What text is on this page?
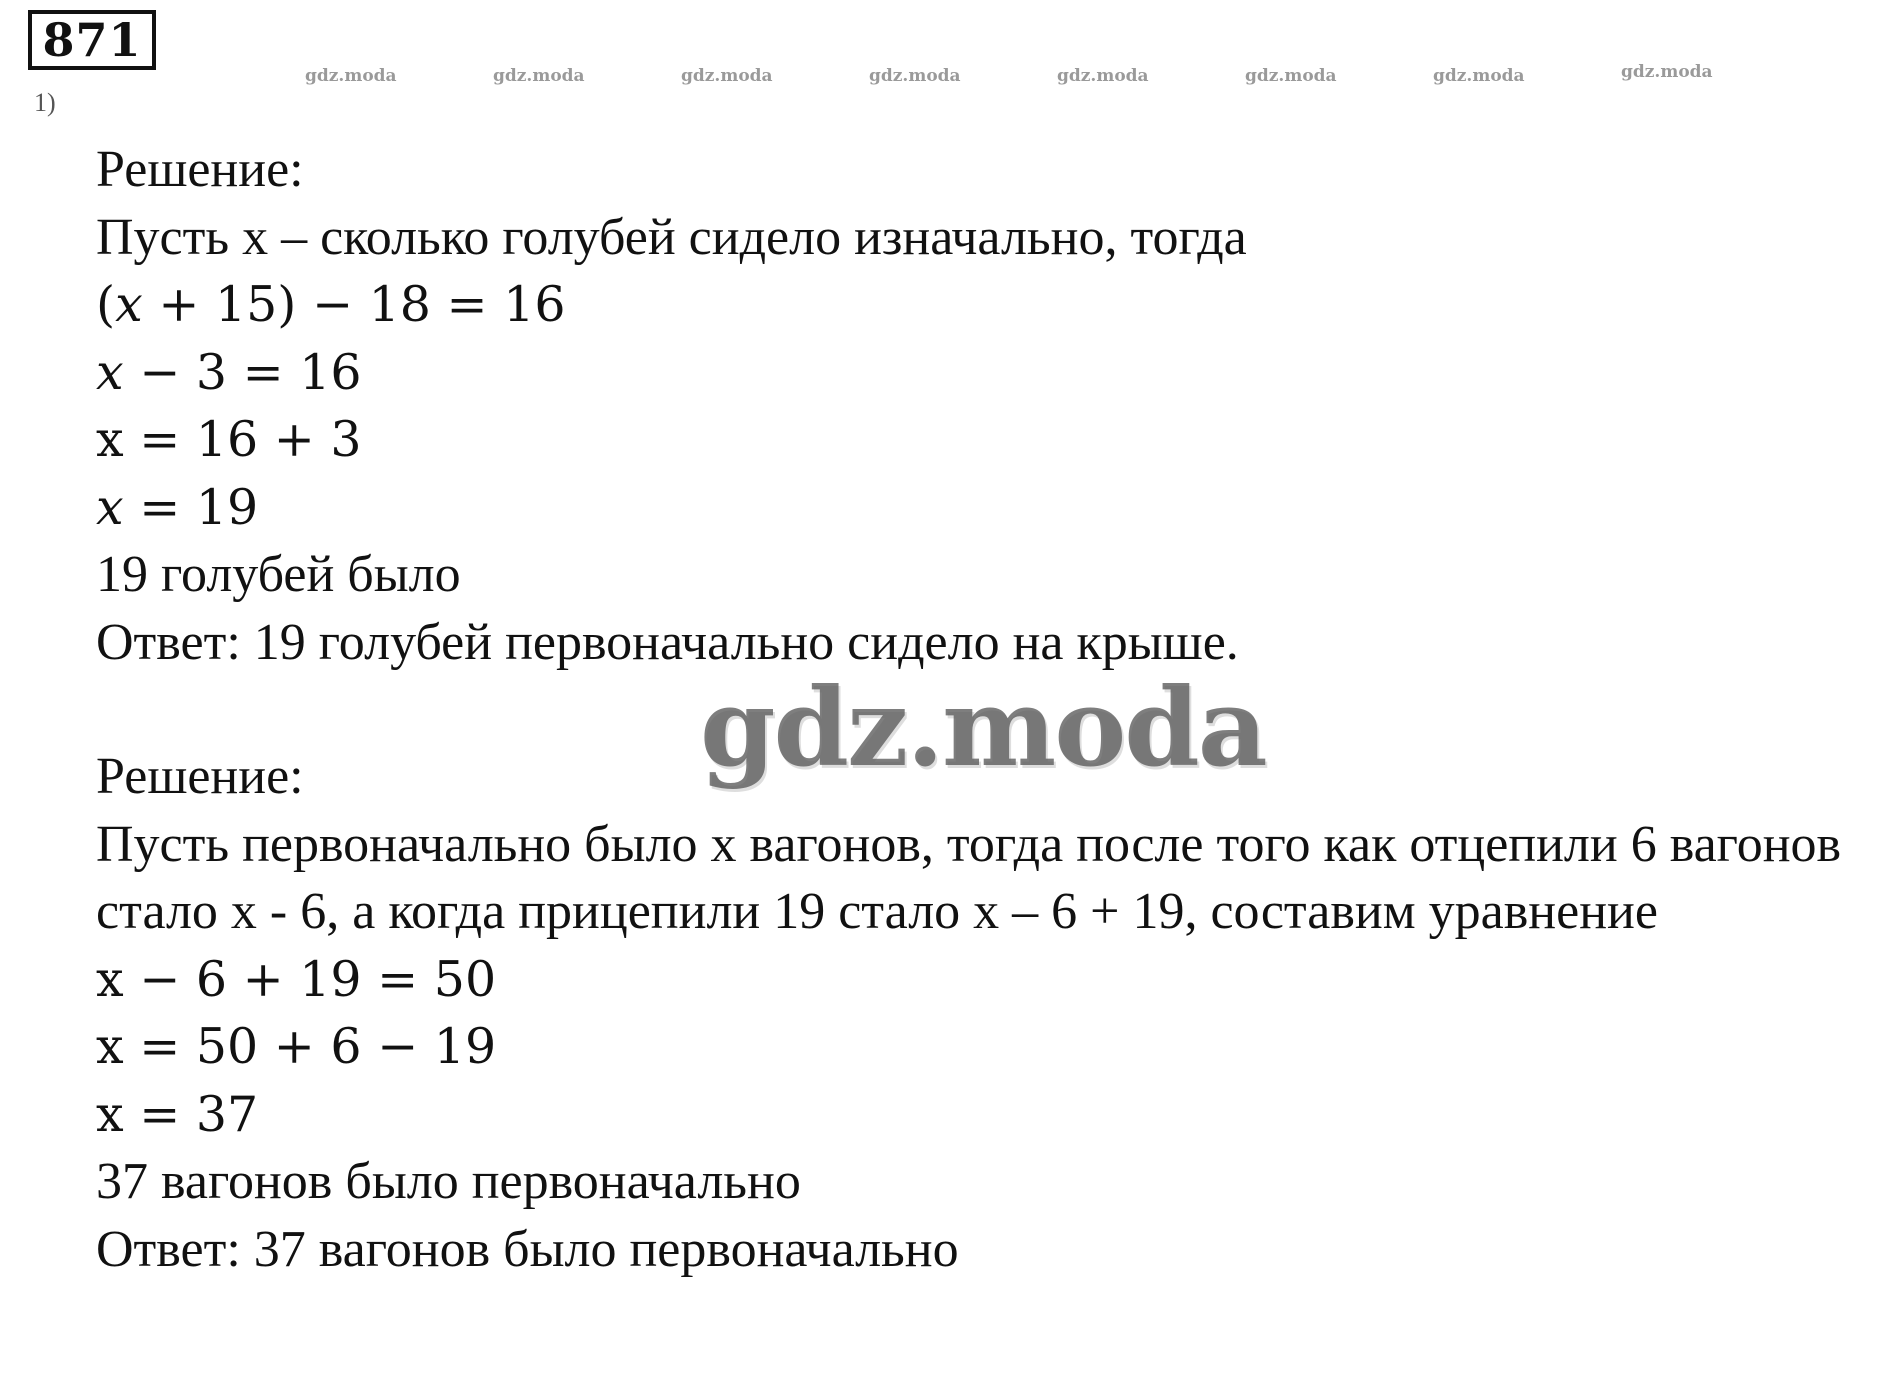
871
1)
gdz.moda	gdz.moda	gdz.moda	gdz.moda	gdz.moda	gdz.moda	gdz.moda	gdz.moda
Решение:
Пусть x – сколько голубей сидело изначально, тогда
(𝑥 + 15) − 18 = 16
𝑥 − 3 = 16
x = 16 + 3
𝑥 = 19
19 голубей было
Ответ: 19 голубей первоначально сидело на крыше.
Решение:
Пусть первоначально было x вагонов, тогда после того как отцепили 6 вагонов стало x - 6, а когда прицепили 19 стало x – 6 + 19, составим уравнение
x − 6 + 19 = 50
x = 50 + 6 − 19
x = 37
37 вагонов было первоначально
Ответ: 37 вагонов было первоначально
gdz.moda
